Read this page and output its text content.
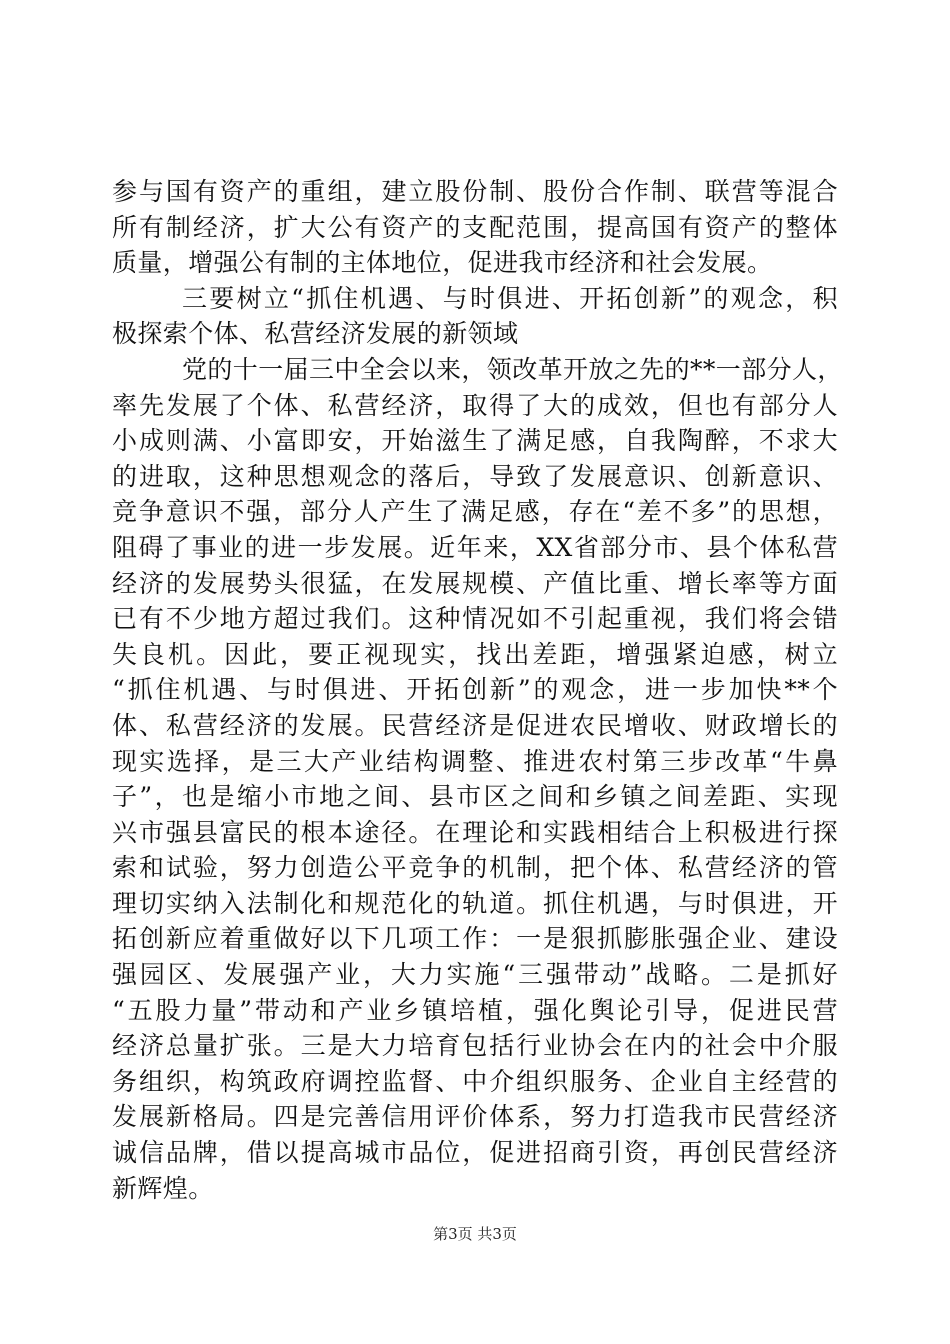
参与国有资产的重组，建立股份制、股份合作制、联营等混合
所有制经济，扩大公有资产的支配范围，提高国有资产的整体
质量，增强公有制的主体地位，促进我市经济和社会发展。
三要树立“抓住机遇、与时俱进、开拓创新”的观念，积
极探索个体、私营经济发展的新领域
党的十一届三中全会以来，领改革开放之先的**一部分人，
率先发展了个体、私营经济，取得了大的成效，但也有部分人
小成则满、小富即安，开始滋生了满足感，自我陶醉，不求大
的进取，这种思想观念的落后，导致了发展意识、创新意识、
竞争意识不强，部分人产生了满足感，存在“差不多”的思想，
阻碍了事业的进一步发展。近年来，XX省部分市、县个体私营
经济的发展势头很猛，在发展规模、产值比重、增长率等方面
已有不少地方超过我们。这种情况如不引起重视，我们将会错
失良机。因此，要正视现实，找出差距，增强紧迫感，树立
“抓住机遇、与时俱进、开拓创新”的观念，进一步加快**个
体、私营经济的发展。民营经济是促进农民增收、财政增长的
现实选择，是三大产业结构调整、推进农村第三步改革“牛鼻
子”，也是缩小市地之间、县市区之间和乡镇之间差距、实现
兴市强县富民的根本途径。在理论和实践相结合上积极进行探
索和试验，努力创造公平竞争的机制，把个体、私营经济的管
理切实纳入法制化和规范化的轨道。抓住机遇，与时俱进，开
拓创新应着重做好以下几项工作：一是狠抓膨胀强企业、建设
强园区、发展强产业，大力实施“三强带动”战略。二是抓好
“五股力量”带动和产业乡镇培植，强化舆论引导，促进民营
经济总量扩张。三是大力培育包括行业协会在内的社会中介服
务组织，构筑政府调控监督、中介组织服务、企业自主经营的
发展新格局。四是完善信用评价体系，努力打造我市民营经济
诚信品牌，借以提高城市品位，促进招商引资，再创民营经济
新辉煌。
第3页 共3页
